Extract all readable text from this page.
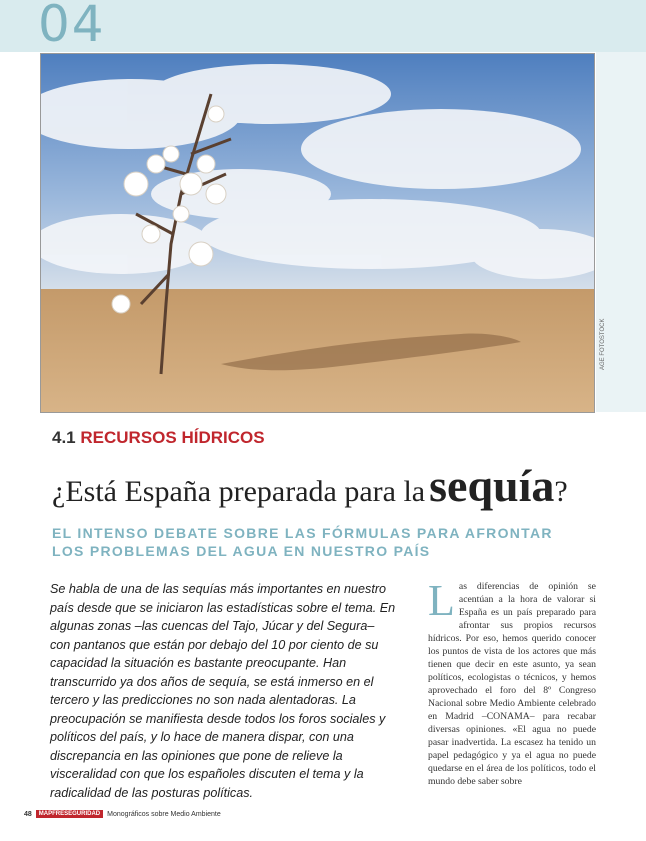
04
AGE FOTOSTOCK
4.1 RECURSOS HÍDRICOS
¿Está España preparada para la sequía?
EL INTENSO DEBATE SOBRE LAS FÓRMULAS PARA AFRONTAR
LOS PROBLEMAS DEL AGUA EN NUESTRO PAÍS
Se habla de una de las sequías más importantes en nuestro país desde que se iniciaron las estadísticas sobre el tema. En algunas zonas –las cuencas del Tajo, Júcar y del Segura– con pantanos que están por debajo del 10 por ciento de su capacidad la situación es bastante preocupante. Han transcurrido ya dos años de sequía, se está inmerso en el tercero y las predicciones no son nada alentadoras. La preocupación se manifiesta desde todos los foros sociales y políticos del país, y lo hace de manera dispar, con una discrepancia en las opiniones que pone de relieve la visceralidad con que los españoles discuten el tema y la radicalidad de las posturas políticas.
Las diferencias de opinión se acentúan a la hora de valorar si España es un país preparado para afrontar sus propios recursos hídricos. Por eso, hemos querido conocer los puntos de vista de los actores que más tienen que decir en este asunto, ya sean políticos, ecologistas o técnicos, y hemos aprovechado el foro del 8º Congreso Nacional sobre Medio Ambiente celebrado en Madrid –CONAMA– para recabar diversas opiniones. «El agua no puede pasar inadvertida. La escasez ha tenido un papel pedagógico y ya el agua no puede quedarse en el área de los políticos, todo el mundo debe saber sobre
48	MAPFRESEGURIDAD	Monográficos sobre Medio Ambiente
